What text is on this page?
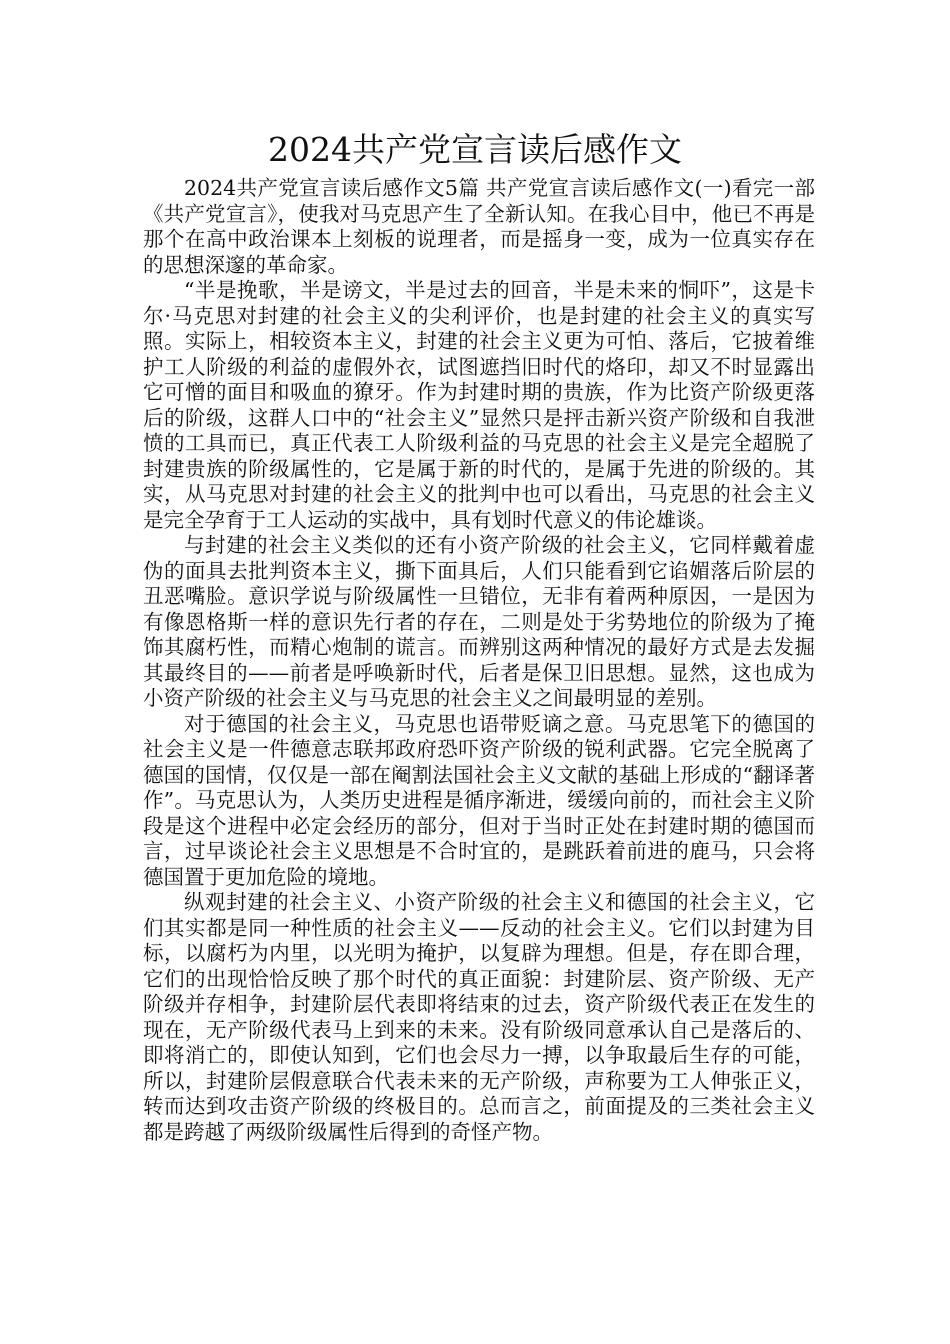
2024共产党宣言读后感作文

2024共产党宣言读后感作文5篇 共产党宣言读后感作文(一)看完一部《共产党宣言》，使我对马克思产生了全新认知。在我心目中，他已不再是那个在高中政治课本上刻板的说理者，而是摇身一变，成为一位真实存在的思想深邃的革命家。

“半是挽歌，半是谤文，半是过去的回音，半是未来的恫吓”，这是卡尔·马克思对封建的社会主义的尖利评价，也是封建的社会主义的真实写照。实际上，相较资本主义，封建的社会主义更为可怕、落后，它披着维护工人阶级的利益的虚假外衣，试图遮挡旧时代的烙印，却又不时显露出它可憎的面目和吸血的獠牙。作为封建时期的贵族，作为比资产阶级更落后的阶级，这群人口中的“社会主义”显然只是抨击新兴资产阶级和自我泄愤的工具而已，真正代表工人阶级利益的马克思的社会主义是完全超脱了封建贵族的阶级属性的，它是属于新的时代的，是属于先进的阶级的。其实，从马克思对封建的社会主义的批判中也可以看出，马克思的社会主义是完全孕育于工人运动的实战中，具有划时代意义的伟论雄谈。

与封建的社会主义类似的还有小资产阶级的社会主义，它同样戴着虚伪的面具去批判资本主义，撕下面具后，人们只能看到它谄媚落后阶层的丑恶嘴脸。意识学说与阶级属性一旦错位，无非有着两种原因，一是因为有像恩格斯一样的意识先行者的存在，二则是处于劣势地位的阶级为了掩饰其腐朽性，而精心炮制的谎言。而辨别这两种情况的最好方式是去发掘其最终目的——前者是呼唤新时代，后者是保卫旧思想。显然，这也成为小资产阶级的社会主义与马克思的社会主义之间最明显的差别。

对于德国的社会主义，马克思也语带贬谪之意。马克思笔下的德国的社会主义是一件德意志联邦政府恐吓资产阶级的锐利武器。它完全脱离了德国的国情，仅仅是一部在阉割法国社会主义文献的基础上形成的“翻译著作”。马克思认为，人类历史进程是循序渐进，缓缓向前的，而社会主义阶段是这个进程中必定会经历的部分，但对于当时正处在封建时期的德国而言，过早谈论社会主义思想是不合时宜的，是跳跃着前进的鹿马，只会将德国置于更加危险的境地。

纵观封建的社会主义、小资产阶级的社会主义和德国的社会主义，它们其实都是同一种性质的社会主义——反动的社会主义。它们以封建为目标，以腐朽为内里，以光明为掩护，以复辟为理想。但是，存在即合理，它们的出现恰恰反映了那个时代的真正面貌：封建阶层、资产阶级、无产阶级并存相争，封建阶层代表即将结束的过去，资产阶级代表正在发生的现在，无产阶级代表马上到来的未来。没有阶级同意承认自己是落后的、即将消亡的，即使认知到，它们也会尽力一搏，以争取最后生存的可能，所以，封建阶层假意联合代表未来的无产阶级，声称要为工人伸张正义，转而达到攻击资产阶级的终极目的。总而言之，前面提及的三类社会主义都是跨越了两级阶级属性后得到的奇怪产物。
